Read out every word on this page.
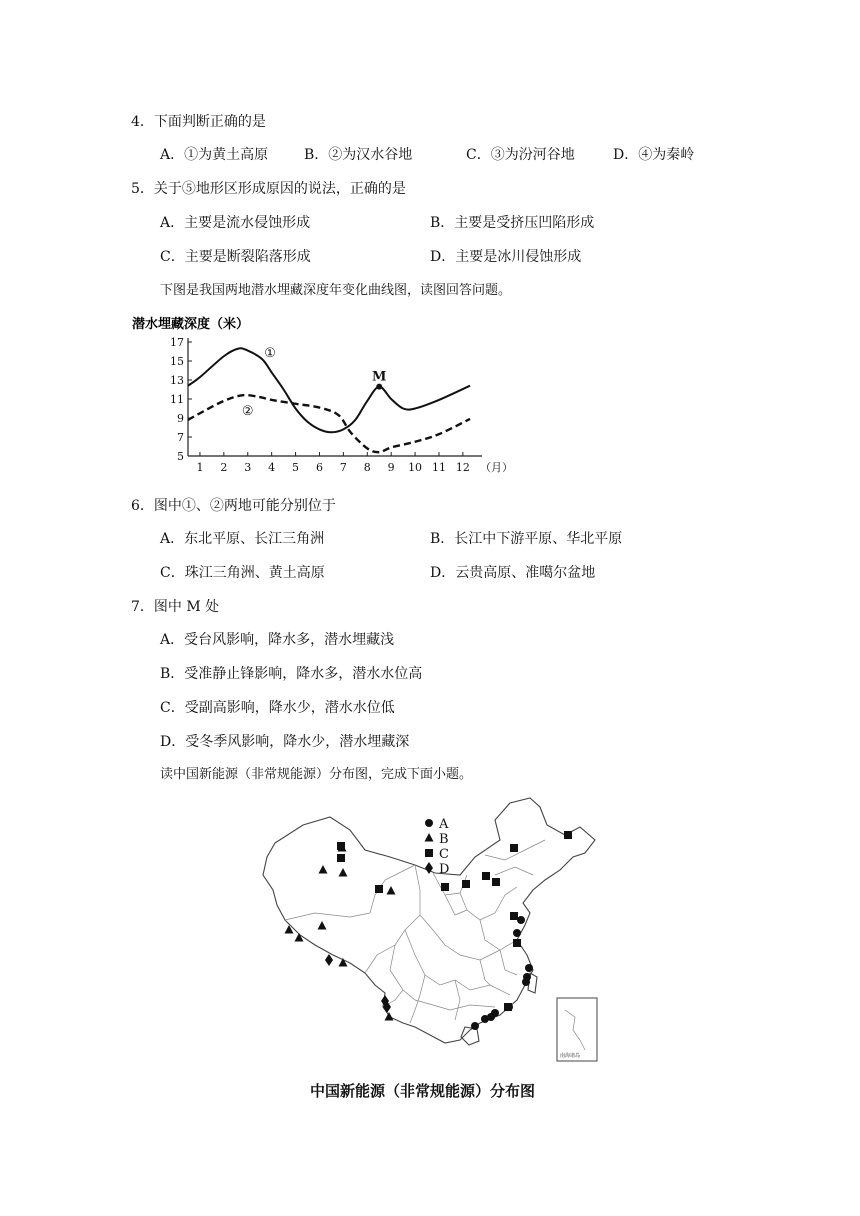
4．下面判断正确的是
A．①为黄土高原	B．②为汉水谷地	C．③为汾河谷地	D．④为秦岭
5．关于⑤地形区形成原因的说法，正确的是
A．主要是流水侵蚀形成	B．主要是受挤压凹陷形成
C．主要是断裂陷落形成	D．主要是冰川侵蚀形成
下图是我国两地潜水埋藏深度年变化曲线图，读图回答问题。
潜水埋藏深度（米）
5
7
9
11
13
15
17
1 2 3 4 5 6 7 8 9 10 11 12 （月）
M
①
②
6．图中①、②两地可能分别位于
A．东北平原、长江三角洲	B．长江中下游平原、华北平原
C．珠江三角洲、黄土高原	D．云贵高原、准噶尔盆地
7．图中 M 处
A．受台风影响，降水多，潜水埋藏浅
B．受准静止锋影响，降水多，潜水水位高
C．受副高影响，降水少，潜水水位低
D．受冬季风影响，降水少，潜水埋藏深
读中国新能源（非常规能源）分布图，完成下面小题。
南海诸岛
A
B
C
D
中国新能源（非常规能源）分布图
